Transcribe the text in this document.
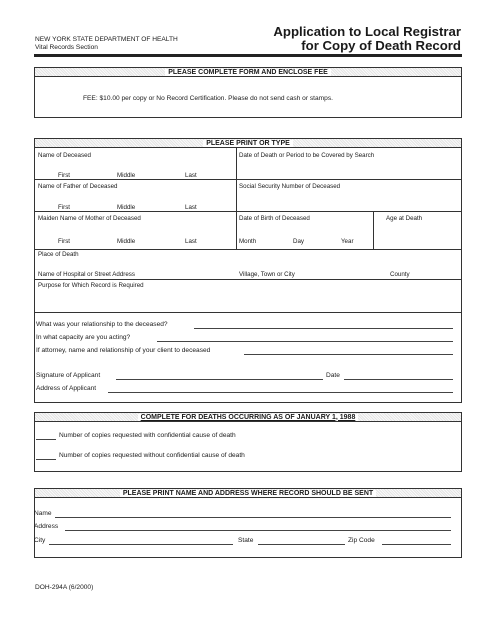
NEW YORK STATE DEPARTMENT OF HEALTH
Vital Records Section
Application to Local Registrar
for Copy of Death Record
PLEASE COMPLETE FORM AND ENCLOSE FEE
FEE: $10.00 per copy or No Record Certification. Please do not send cash or stamps.
PLEASE PRINT OR TYPE
Name of Deceased	Date of Death or Period to be Covered by Search
First	Middle	Last
Name of Father of Deceased	Social Security Number of Deceased
First	Middle	Last
Maiden Name of Mother of Deceased	Date of Birth of Deceased	Age at Death
First	Middle	Last	Month	Day	Year
Place of Death
Name of Hospital or Street Address	Village, Town or City	County
Purpose for Which Record is Required
What was your relationship to the deceased?
In what capacity are you acting?
If attorney, name and relationship of your client to deceased
Signature of Applicant	Date
Address of Applicant
COMPLETE FOR DEATHS OCCURRING AS OF JANUARY 1, 1988
Number of copies requested with confidential cause of death
Number of copies requested without confidential cause of death
PLEASE PRINT NAME AND ADDRESS WHERE RECORD SHOULD BE SENT
Name
Address
City	State	Zip Code
DOH-294A (6/2000)
